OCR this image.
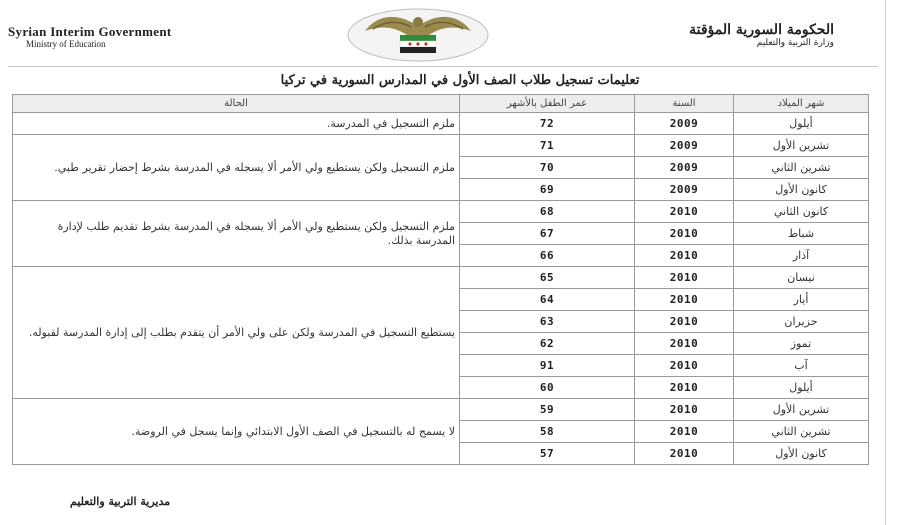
Syrian Interim Government
Ministry of Education
الحكومة السورية المؤقتة
وزارة التربية والتعليم
تعليمات تسجيل طلاب الصف الأول في المدارس السورية في تركيا
الحالة	عمر الطفل بالأشهر	السنة	شهر الميلاد
ملزم التسجيل في المدرسة.	72	2009	أيلول
ملزم التسجيل ولكن يستطيع ولي الأمر ألا يسجله في المدرسة بشرط إحضار تقرير طبي.	71	2009	تشرين الأول
	70	2009	تشرين الثاني
	69	2009	كانون الأول
ملزم التسجيل ولكن يستطيع ولي الأمر ألا يسجله في المدرسة بشرط تقديم طلب لإدارة المدرسة بذلك.	68	2010	كانون الثاني
	67	2010	شباط
	66	2010	آذار
يستطيع التسجيل في المدرسة ولكن على ولي الأمر أن يتقدم بطلب إلى إدارة المدرسة لقبوله.	65	2010	نيسان
	64	2010	أيار
	63	2010	حزيران
	62	2010	تموز
	91	2010	آب
	60	2010	أيلول
لا يسمح له بالتسجيل في الصف الأول الابتدائي وإنما يسجل في الروضة.	59	2010	تشرين الأول
	58	2010	تشرين الثاني
	57	2010	كانون الأول
مديرية التربية والتعليم
